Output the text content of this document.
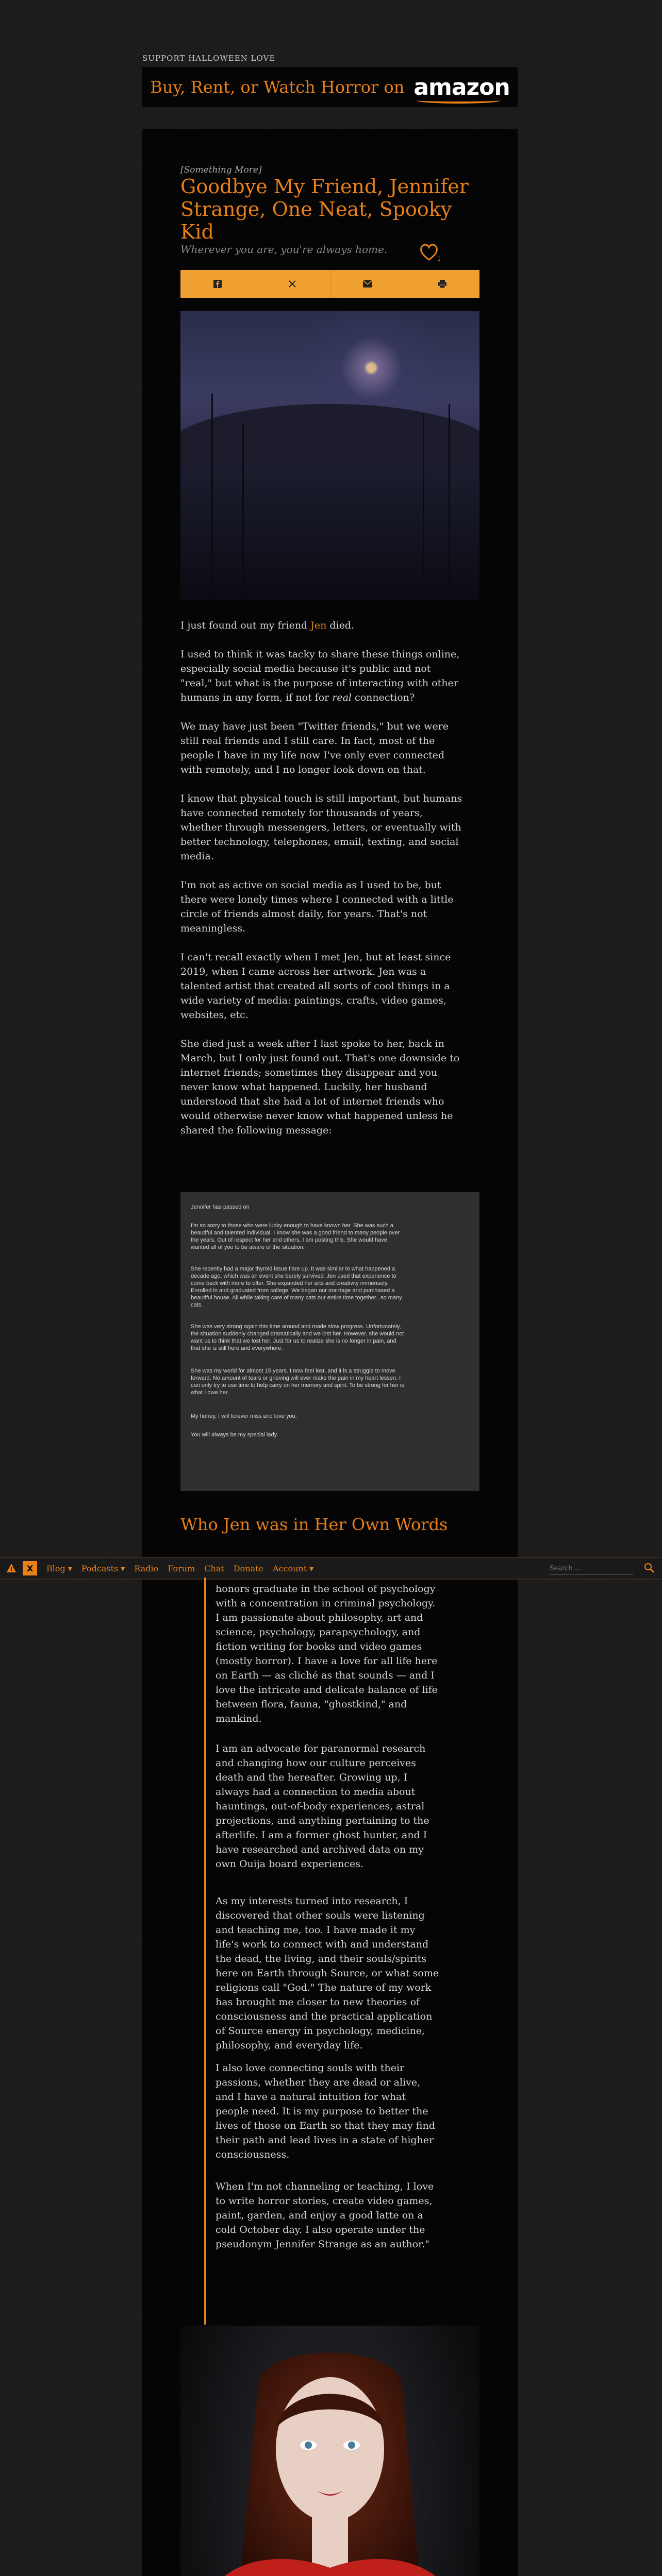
SUPPORT HALLOWEEN LOVE
Buy, Rent, or Watch Horror on amazon
[Something More]
Goodbye My Friend, Jennifer
Strange, One Neat, Spooky Kid
Wherever you are, you're always home.
1

I just found out my friend Jen died.

I used to think it was tacky to share these things online,
especially social media because it's public and not
"real," but what is the purpose of interacting with other
humans in any form, if not for real connection?

We may have just been "Twitter friends," but we were
still real friends and I still care. In fact, most of the
people I have in my life now I've only ever connected
with remotely, and I no longer look down on that.

I know that physical touch is still important, but humans
have connected remotely for thousands of years,
whether through messengers, letters, or eventually with
better technology, telephones, email, texting, and social
media.

I'm not as active on social media as I used to be, but
there were lonely times where I connected with a little
circle of friends almost daily, for years. That's not
meaningless.

I can't recall exactly when I met Jen, but at least since
2019, when I came across her artwork. Jen was a
talented artist that created all sorts of cool things in a
wide variety of media: paintings, crafts, video games,
websites, etc.

She died just a week after I last spoke to her, back in
March, but I only just found out. That's one downside to
internet friends; sometimes they disappear and you
never know what happened. Luckily, her husband
understood that she had a lot of internet friends who
would otherwise never know what happened unless he
shared the following message:

Jennifer has passed on
I'm so sorry to those who were lucky enough to have known her. She was such a
beautiful and talented individual. I know she was a good friend to many people over
the years. Out of respect for her and others, I am posting this. She would have
wanted all of you to be aware of the situation.
She recently had a major thyroid issue flare up. It was similar to what happened a
decade ago, which was an event she barely survived. Jen used that experience to
come back with more to offer. She expanded her arts and creativity immensely.
Enrolled in and graduated from college. We began our marriage and purchased a
beautiful house. All while taking care of many cats our entire time together...so many
cats.
She was very strong again this time around and made slow progress. Unfortunately,
the situation suddenly changed dramatically and we lost her. However, she would not
want us to think that we lost her. Just for us to realize she is no longer in pain, and
that she is still here and everywhere.
She was my world for almost 15 years. I now feel lost, and it is a struggle to move
forward. No amount of tears or grieving will ever make the pain in my heart lessen. I
can only try to use time to help carry on her memory and spirit. To be strong for her is
what I owe her.
My honey, I will forever miss and love you.
You will always be my special lady.
Who Jen was in Her Own Words
X	Blog ▾ Podcasts ▾ Radio Forum Chat Donate Account ▾
Search ...

honors graduate in the school of psychology
with a concentration in criminal psychology.
I am passionate about philosophy, art and
science, psychology, parapsychology, and
fiction writing for books and video games
(mostly horror). I have a love for all life here
on Earth — as cliché as that sounds — and I
love the intricate and delicate balance of life
between flora, fauna, "ghostkind," and
mankind.

I am an advocate for paranormal research
and changing how our culture perceives
death and the hereafter. Growing up, I
always had a connection to media about
hauntings, out-of-body experiences, astral
projections, and anything pertaining to the
afterlife. I am a former ghost hunter, and I
have researched and archived data on my
own Ouija board experiences.

As my interests turned into research, I
discovered that other souls were listening
and teaching me, too. I have made it my
life's work to connect with and understand
the dead, the living, and their souls/spirits
here on Earth through Source, or what some
religions call "God." The nature of my work
has brought me closer to new theories of
consciousness and the practical application
of Source energy in psychology, medicine,
philosophy, and everyday life.

I also love connecting souls with their
passions, whether they are dead or alive,
and I have a natural intuition for what
people need. It is my purpose to better the
lives of those on Earth so that they may find
their path and lead lives in a state of higher
consciousness.

When I'm not channeling or teaching, I love
to write horror stories, create video games,
paint, garden, and enjoy a good latte on a
cold October day. I also operate under the
pseudonym Jennifer Strange as an author."
